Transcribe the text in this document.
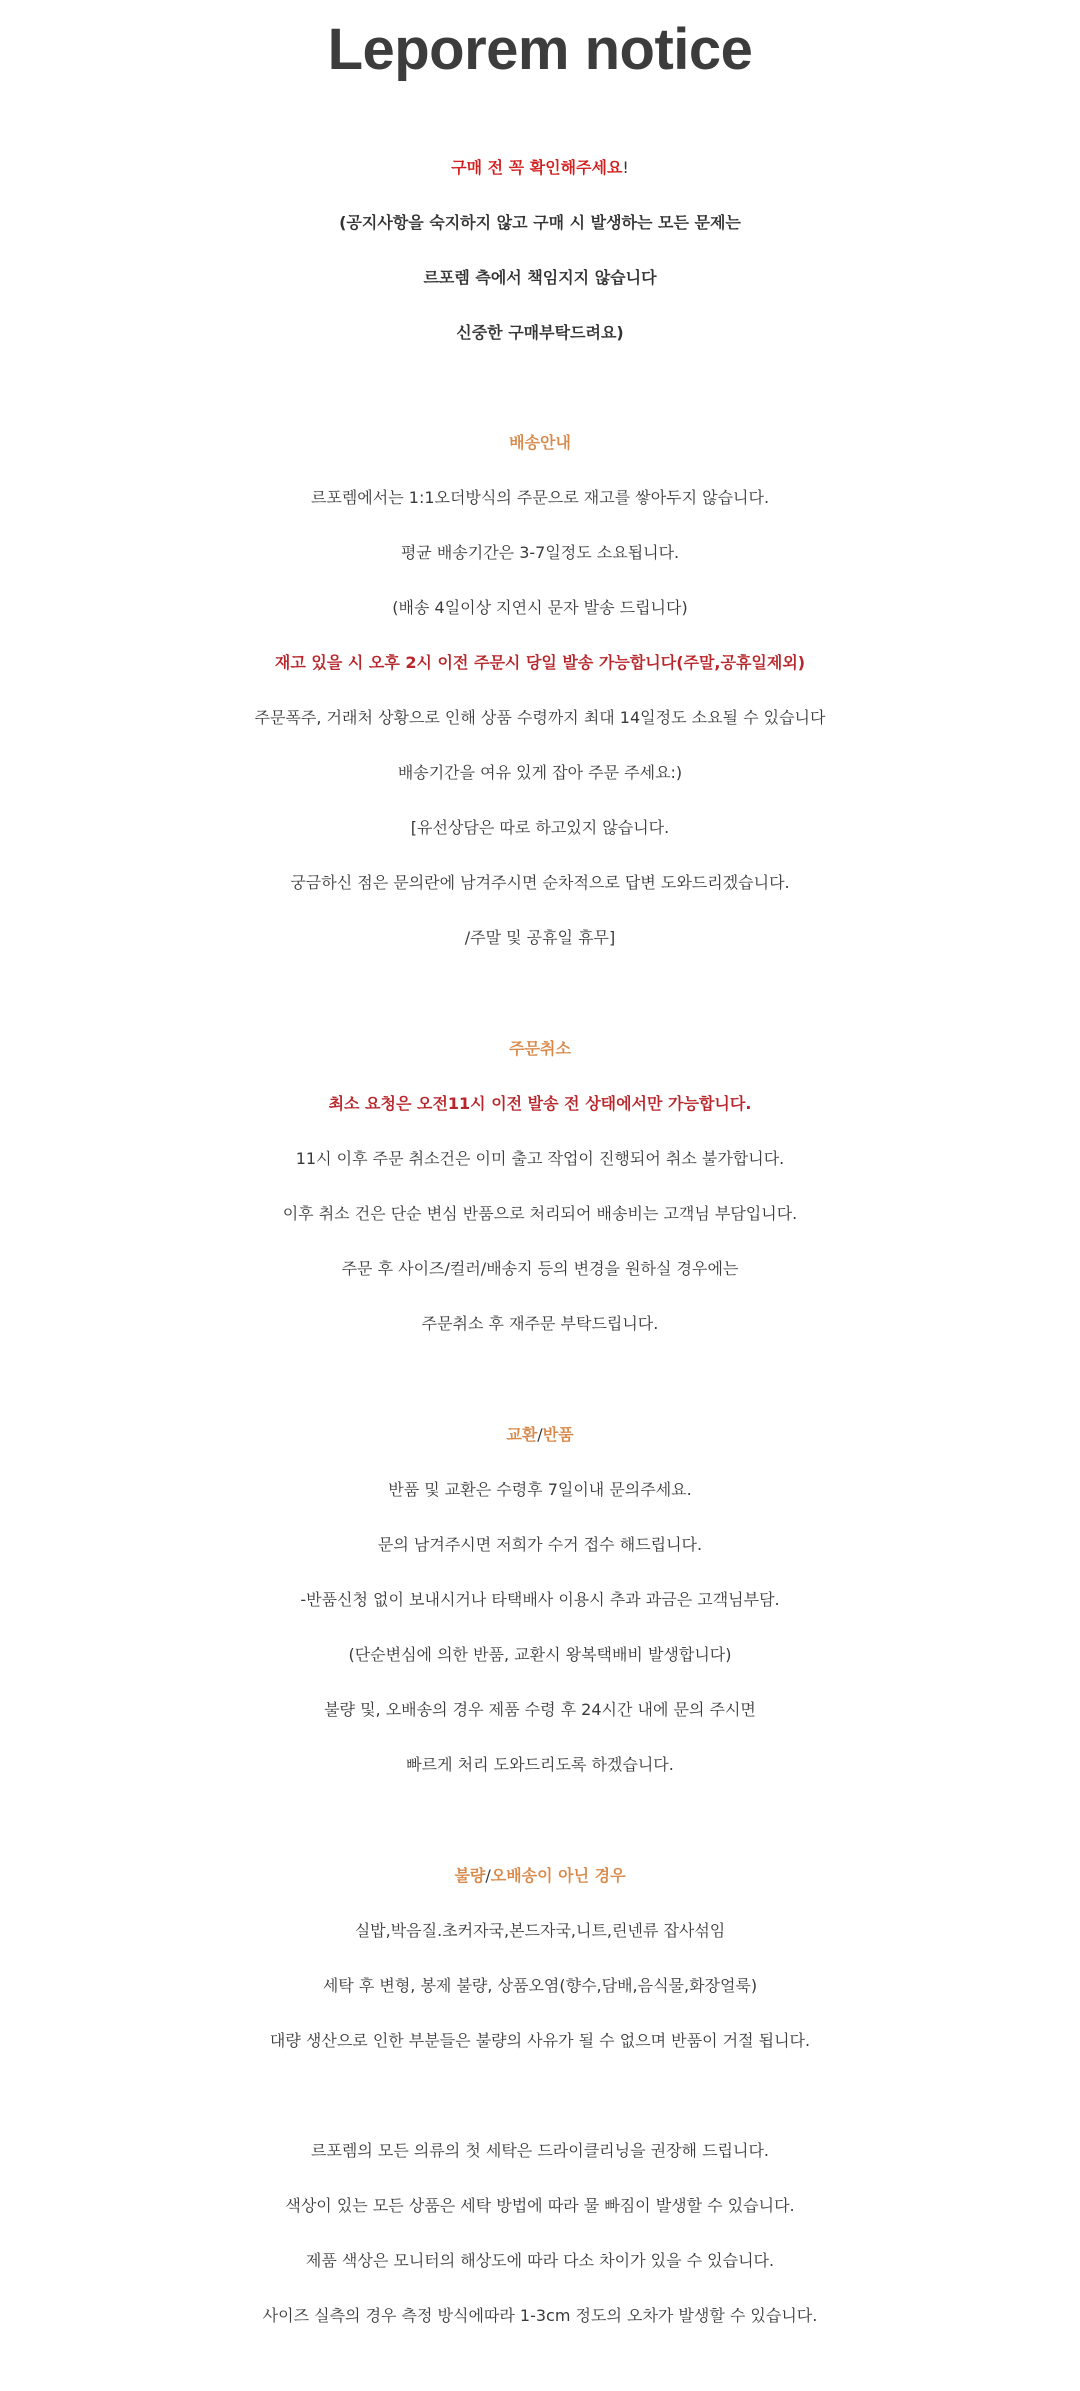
Leporem notice
구매 전 꼭 확인해주세요!
(공지사항을 숙지하지 않고 구매 시 발생하는 모든 문제는
르포렘 측에서 책임지지 않습니다
신중한 구매부탁드려요)
배송안내
르포렘에서는 1:1오더방식의 주문으로 재고를 쌓아두지 않습니다.
평균 배송기간은 3-7일정도 소요됩니다.
(배송 4일이상 지연시 문자 발송 드립니다)
재고 있을 시 오후 2시 이전 주문시 당일 발송 가능합니다(주말,공휴일제외)
주문폭주, 거래처 상황으로 인해 상품 수령까지 최대 14일정도 소요될 수 있습니다
배송기간을 여유 있게 잡아 주문 주세요:)
[유선상담은 따로 하고있지 않습니다.
궁금하신 점은 문의란에 남겨주시면 순차적으로 답변 도와드리겠습니다.
/주말 및 공휴일 휴무]
주문취소
최소 요청은 오전11시 이전 발송 전 상태에서만 가능합니다.
11시 이후 주문 취소건은 이미 출고 작업이 진행되어 취소 불가합니다.
이후 취소 건은 단순 변심 반품으로 처리되어 배송비는 고객님 부담입니다.
주문 후 사이즈/컬러/배송지 등의 변경을 원하실 경우에는
주문취소 후 재주문 부탁드립니다.
교환/반품
반품 및 교환은 수령후 7일이내 문의주세요.
문의 남겨주시면 저희가 수거 접수 해드립니다.
-반품신청 없이 보내시거나 타택배사 이용시 추과 과금은 고객님부담.
(단순변심에 의한 반품, 교환시 왕복택배비 발생합니다)
불량 및, 오배송의 경우 제품 수령 후 24시간 내에 문의 주시면
빠르게 처리 도와드리도록 하겠습니다.
불량/오배송이 아닌 경우
실밥,박음질.초커자국,본드자국,니트,린넨류 잡사섞임
세탁 후 변형, 봉제 불량, 상품오염(향수,담배,음식물,화장얼룩)
대량 생산으로 인한 부분들은 불량의 사유가 될 수 없으며 반품이 거절 됩니다.
르포렘의 모든 의류의 첫 세탁은 드라이클리닝을 권장해 드립니다.
색상이 있는 모든 상품은 세탁 방법에 따라 물 빠짐이 발생할 수 있습니다.
제품 색상은 모니터의 해상도에 따라 다소 차이가 있을 수 있습니다.
사이즈 실측의 경우 측정 방식에따라 1-3cm 정도의 오차가 발생할 수 있습니다.
